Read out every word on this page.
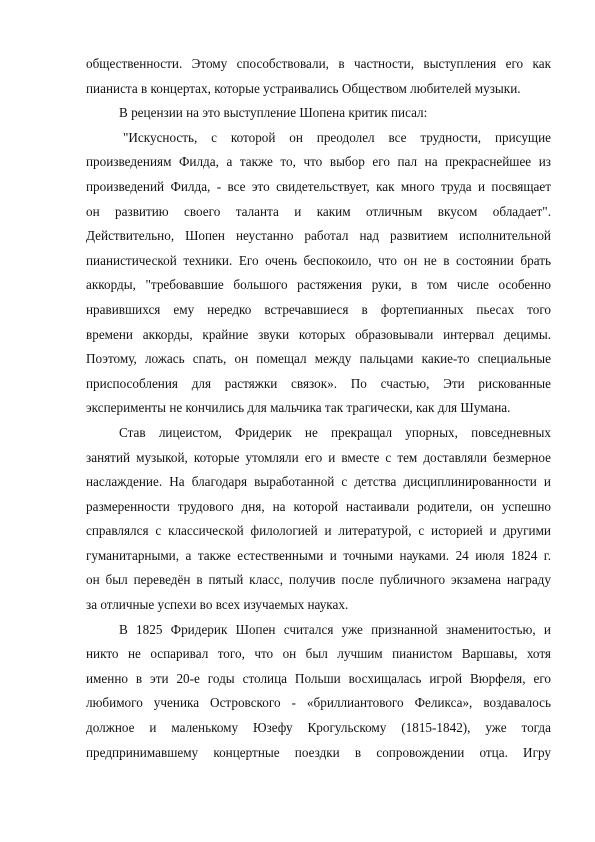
общественности. Этому способствовали, в частности, выступления его как
пианиста в концертах, которые устраивались Обществом любителей музыки.
В рецензии на это выступление Шопена критик писал:
"Искусность, с которой он преодолел все трудности, присущие
произведениям Филда, а также то, что выбор его пал на прекраснейшее из
произведений Филда, - все это свидетельствует, как много труда и посвящает
он развитию своего таланта и каким отличным вкусом обладает".
Действительно, Шопен неустанно работал над развитием исполнительной
пианистической техники. Его очень беспокоило, что он не в состоянии брать
аккорды, "требовавшие большого растяжения руки, в том числе особенно
нравившихся ему нередко встречавшиеся в фортепианных пьесах того
времени аккорды, крайние звуки которых образовывали интервал децимы.
Поэтому, ложась спать, он помещал между пальцами какие-то специальные
приспособления для растяжки связок». По счастью, Эти рискованные
эксперименты не кончились для мальчика так трагически, как для Шумана.
Став лицеистом, Фридерик не прекращал упорных, повседневных
занятий музыкой, которые утомляли его и вместе с тем доставляли безмерное
наслаждение. На благодаря выработанной с детства дисциплинированности и
размеренности трудового дня, на которой настаивали родители, он успешно
справлялся с классической филологией и литературой, с историей и другими
гуманитарными, а также естественными и точными науками. 24 июля 1824 г.
он был переведён в пятый класс, получив после публичного экзамена награду
за отличные успехи во всех изучаемых науках.
В 1825 Фридерик Шопен считался уже признанной знаменитостью, и
никто не оспаривал того, что он был лучшим пианистом Варшавы, хотя
именно в эти 20-е годы столица Польши восхищалась игрой Вюрфеля, его
любимого ученика Островского - «бриллиантового Феликса», воздавалось
должное и маленькому Юзефу Крогульскому (1815-1842), уже тогда
предпринимавшему концертные поездки в сопровождении отца. Игру
